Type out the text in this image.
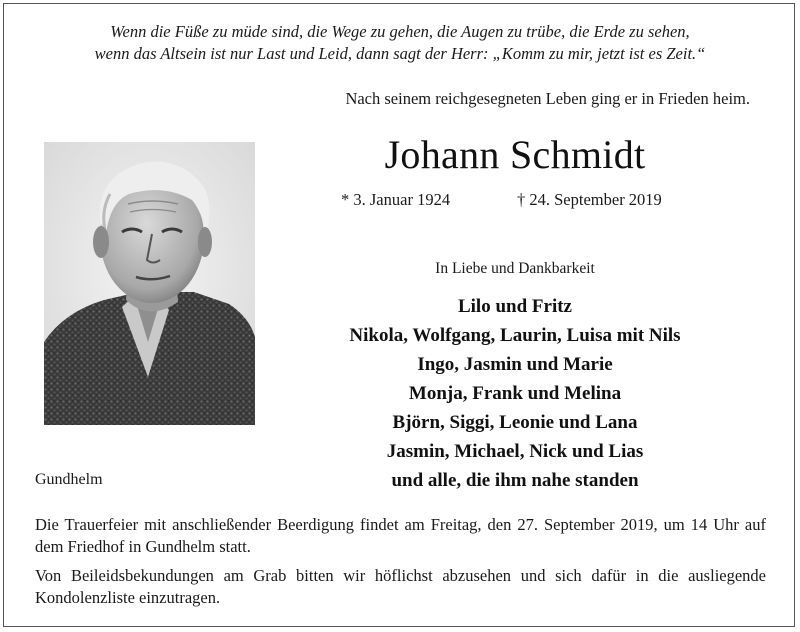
Wenn die Füße zu müde sind, die Wege zu gehen, die Augen zu trübe, die Erde zu sehen,
wenn das Altsein ist nur Last und Leid, dann sagt der Herr: „Komm zu mir, jetzt ist es Zeit.“
Nach seinem reichgesegneten Leben ging er in Frieden heim.
Johann Schmidt
* 3. Januar 1924	† 24. September 2019
Gundhelm
In Liebe und Dankbarkeit
Lilo und Fritz
Nikola, Wolfgang, Laurin, Luisa mit Nils
Ingo, Jasmin und Marie
Monja, Frank und Melina
Björn, Siggi, Leonie und Lana
Jasmin, Michael, Nick und Lias
und alle, die ihm nahe standen
Die Trauerfeier mit anschließender Beerdigung findet am Freitag, den 27. September 2019, um 14 Uhr auf dem Friedhof in Gundhelm statt.
Von Beileidsbekundungen am Grab bitten wir höflichst abzusehen und sich dafür in die ausliegende Kondolenzliste einzutragen.
